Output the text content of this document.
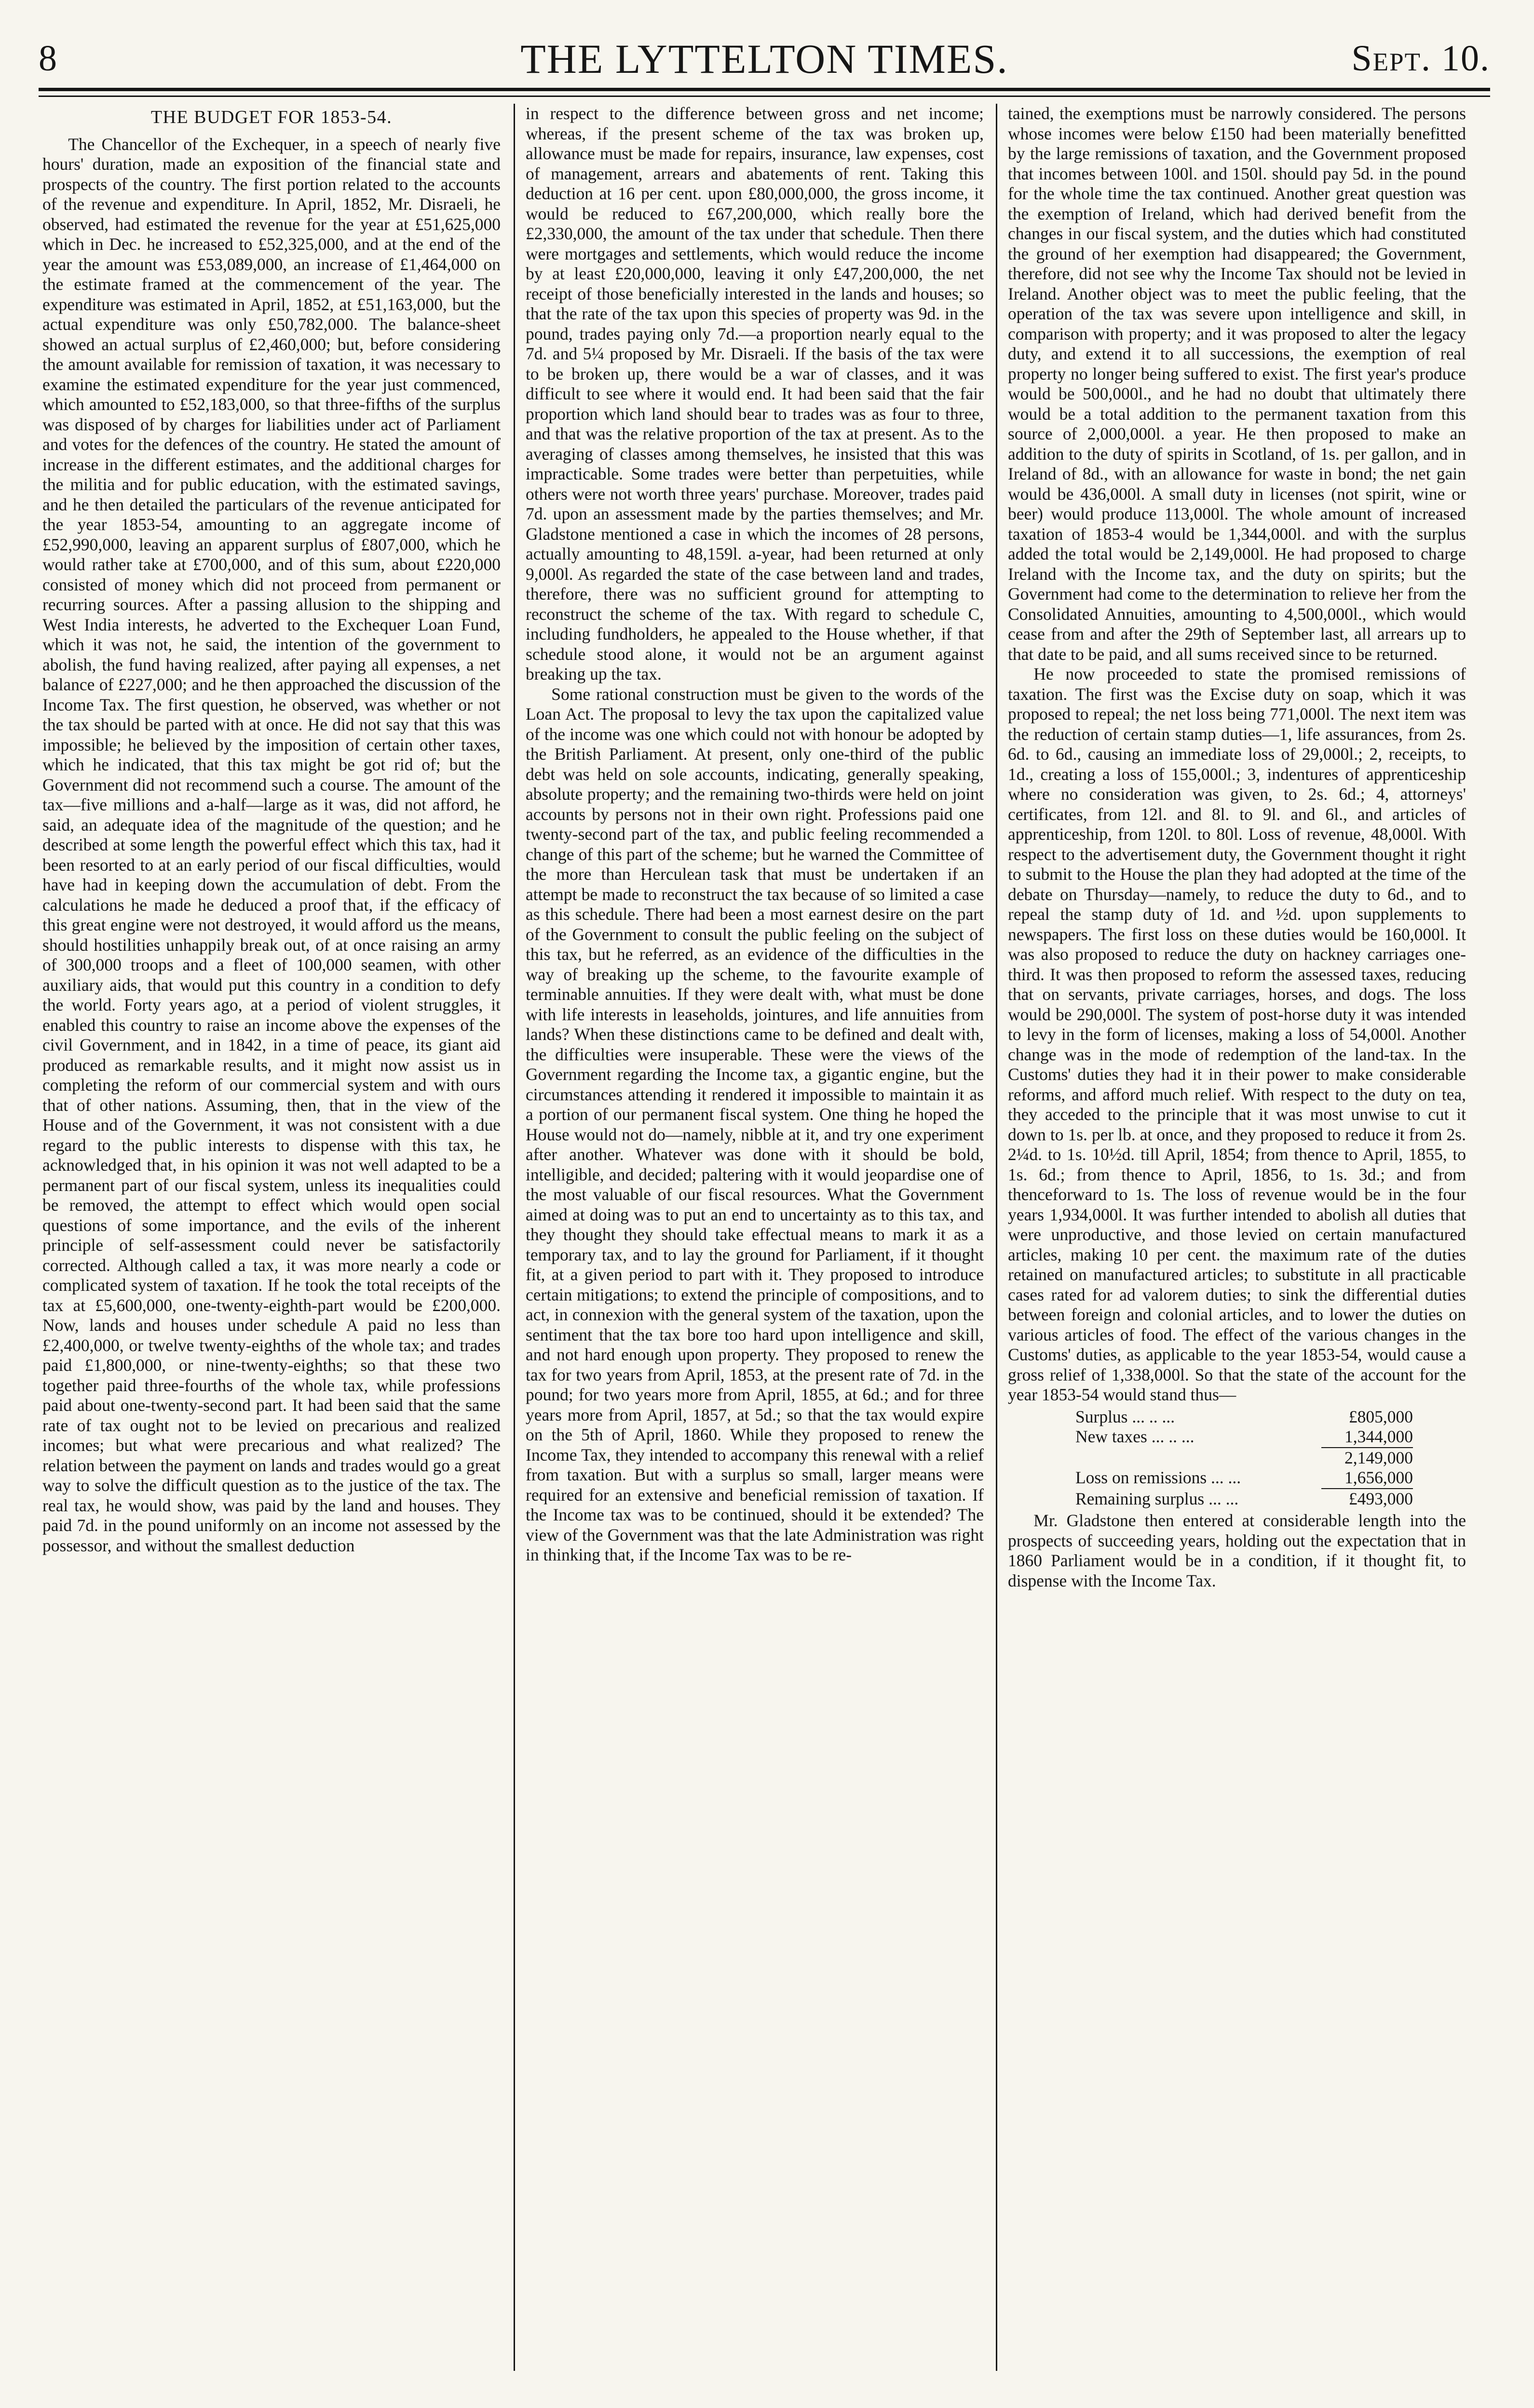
8	THE LYTTELTON TIMES.	Sept. 10.
THE BUDGET FOR 1853-54.

The Chancellor of the Exchequer, in a speech of nearly five hours' duration, made an exposition of the financial state and prospects of the country. The first portion related to the accounts of the revenue and expenditure. In April, 1852, Mr. Disraeli, he observed, had estimated the revenue for the year at £51,625,000 which in Dec. he increased to £52,325,000, and at the end of the year the amount was £53,089,000, an increase of £1,464,000 on the estimate framed at the commencement of the year. The expenditure was estimated in April, 1852, at £51,163,000, but the actual expenditure was only £50,782,000. The balance-sheet showed an actual surplus of £2,460,000; but, before considering the amount available for remission of taxation, it was necessary to examine the estimated expenditure for the year just commenced, which amounted to £52,183,000, so that three-fifths of the surplus was disposed of by charges for liabilities under act of Parliament and votes for the defences of the country. He stated the amount of increase in the different estimates, and the additional charges for the militia and for public education, with the estimated savings, and he then detailed the particulars of the revenue anticipated for the year 1853-54, amounting to an aggregate income of £52,990,000, leaving an apparent surplus of £807,000, which he would rather take at £700,000, and of this sum, about £220,000 consisted of money which did not proceed from permanent or recurring sources. After a passing allusion to the shipping and West India interests, he adverted to the Exchequer Loan Fund, which it was not, he said, the intention of the government to abolish, the fund having realized, after paying all expenses, a net balance of £227,000; and he then approached the discussion of the Income Tax. The first question, he observed, was whether or not the tax should be parted with at once. He did not say that this was impossible; he believed by the imposition of certain other taxes, which he indicated, that this tax might be got rid of; but the Government did not recommend such a course. The amount of the tax—five millions and a-half—large as it was, did not afford, he said, an adequate idea of the magnitude of the question; and he described at some length the powerful effect which this tax, had it been resorted to at an early period of our fiscal difficulties, would have had in keeping down the accumulation of debt. From the calculations he made he deduced a proof that, if the efficacy of this great engine were not destroyed, it would afford us the means, should hostilities unhappily break out, of at once raising an army of 300,000 troops and a fleet of 100,000 seamen, with other auxiliary aids, that would put this country in a condition to defy the world. Forty years ago, at a period of violent struggles, it enabled this country to raise an income above the expenses of the civil Government, and in 1842, in a time of peace, its giant aid produced as remarkable results, and it might now assist us in completing the reform of our commercial system and with ours that of other nations. Assuming, then, that in the view of the House and of the Government, it was not consistent with a due regard to the public interests to dispense with this tax, he acknowledged that, in his opinion it was not well adapted to be a permanent part of our fiscal system, unless its inequalities could be removed, the attempt to effect which would open social questions of some importance, and the evils of the inherent principle of self-assessment could never be satisfactorily corrected. Although called a tax, it was more nearly a code or complicated system of taxation. If he took the total receipts of the tax at £5,600,000, one-twenty-eighth-part would be £200,000. Now, lands and houses under schedule A paid no less than £2,400,000, or twelve twenty-eighths of the whole tax; and trades paid £1,800,000, or nine-twenty-eighths; so that these two together paid three-fourths of the whole tax, while professions paid about one-twenty-second part. It had been said that the same rate of tax ought not to be levied on precarious and realized incomes; but what were precarious and what realized? The relation between the payment on lands and trades would go a great way to solve the difficult question as to the justice of the tax. The real tax, he would show, was paid by the land and houses. They paid 7d. in the pound uniformly on an income not assessed by the possessor, and without the smallest deduction

in respect to the difference between gross and net income; whereas, if the present scheme of the tax was broken up, allowance must be made for repairs, insurance, law expenses, cost of management, arrears and abatements of rent. Taking this deduction at 16 per cent. upon £80,000,000, the gross income, it would be reduced to £67,200,000, which really bore the £2,330,000, the amount of the tax under that schedule. Then there were mortgages and settlements, which would reduce the income by at least £20,000,000, leaving it only £47,200,000, the net receipt of those beneficially interested in the lands and houses; so that the rate of the tax upon this species of property was 9d. in the pound, trades paying only 7d.—a proportion nearly equal to the 7d. and 5¼ proposed by Mr. Disraeli. If the basis of the tax were to be broken up, there would be a war of classes, and it was difficult to see where it would end. It had been said that the fair proportion which land should bear to trades was as four to three, and that was the relative proportion of the tax at present. As to the averaging of classes among themselves, he insisted that this was impracticable. Some trades were better than perpetuities, while others were not worth three years' purchase. Moreover, trades paid 7d. upon an assessment made by the parties themselves; and Mr. Gladstone mentioned a case in which the incomes of 28 persons, actually amounting to 48,159l. a-year, had been returned at only 9,000l. As regarded the state of the case between land and trades, therefore, there was no sufficient ground for attempting to reconstruct the scheme of the tax. With regard to schedule C, including fundholders, he appealed to the House whether, if that schedule stood alone, it would not be an argument against breaking up the tax.

Some rational construction must be given to the words of the Loan Act. The proposal to levy the tax upon the capitalized value of the income was one which could not with honour be adopted by the British Parliament. At present, only one-third of the public debt was held on sole accounts, indicating, generally speaking, absolute property; and the remaining two-thirds were held on joint accounts by persons not in their own right. Professions paid one twenty-second part of the tax, and public feeling recommended a change of this part of the scheme; but he warned the Committee of the more than Herculean task that must be undertaken if an attempt be made to reconstruct the tax because of so limited a case as this schedule. There had been a most earnest desire on the part of the Government to consult the public feeling on the subject of this tax, but he referred, as an evidence of the difficulties in the way of breaking up the scheme, to the favourite example of terminable annuities. If they were dealt with, what must be done with life interests in leaseholds, jointures, and life annuities from lands? When these distinctions came to be defined and dealt with, the difficulties were insuperable. These were the views of the Government regarding the Income tax, a gigantic engine, but the circumstances attending it rendered it impossible to maintain it as a portion of our permanent fiscal system. One thing he hoped the House would not do—namely, nibble at it, and try one experiment after another. Whatever was done with it should be bold, intelligible, and decided; paltering with it would jeopardise one of the most valuable of our fiscal resources. What the Government aimed at doing was to put an end to uncertainty as to this tax, and they thought they should take effectual means to mark it as a temporary tax, and to lay the ground for Parliament, if it thought fit, at a given period to part with it. They proposed to introduce certain mitigations; to extend the principle of compositions, and to act, in connexion with the general system of the taxation, upon the sentiment that the tax bore too hard upon intelligence and skill, and not hard enough upon property. They proposed to renew the tax for two years from April, 1853, at the present rate of 7d. in the pound; for two years more from April, 1855, at 6d.; and for three years more from April, 1857, at 5d.; so that the tax would expire on the 5th of April, 1860. While they proposed to renew the Income Tax, they intended to accompany this renewal with a relief from taxation. But with a surplus so small, larger means were required for an extensive and beneficial remission of taxation. If the Income tax was to be continued, should it be extended? The view of the Government was that the late Administration was right in thinking that, if the Income Tax was to be re-

tained, the exemptions must be narrowly considered. The persons whose incomes were below £150 had been materially benefitted by the large remissions of taxation, and the Government proposed that incomes between 100l. and 150l. should pay 5d. in the pound for the whole time the tax continued. Another great question was the exemption of Ireland, which had derived benefit from the changes in our fiscal system, and the duties which had constituted the ground of her exemption had disappeared; the Government, therefore, did not see why the Income Tax should not be levied in Ireland. Another object was to meet the public feeling, that the operation of the tax was severe upon intelligence and skill, in comparison with property; and it was proposed to alter the legacy duty, and extend it to all successions, the exemption of real property no longer being suffered to exist. The first year's produce would be 500,000l., and he had no doubt that ultimately there would be a total addition to the permanent taxation from this source of 2,000,000l. a year. He then proposed to make an addition to the duty of spirits in Scotland, of 1s. per gallon, and in Ireland of 8d., with an allowance for waste in bond; the net gain would be 436,000l. A small duty in licenses (not spirit, wine or beer) would produce 113,000l. The whole amount of increased taxation of 1853-4 would be 1,344,000l. and with the surplus added the total would be 2,149,000l. He had proposed to charge Ireland with the Income tax, and the duty on spirits; but the Government had come to the determination to relieve her from the Consolidated Annuities, amounting to 4,500,000l., which would cease from and after the 29th of September last, all arrears up to that date to be paid, and all sums received since to be returned.

He now proceeded to state the promised remissions of taxation. The first was the Excise duty on soap, which it was proposed to repeal; the net loss being 771,000l. The next item was the reduction of certain stamp duties—1, life assurances, from 2s. 6d. to 6d., causing an immediate loss of 29,000l.; 2, receipts, to 1d., creating a loss of 155,000l.; 3, indentures of apprenticeship where no consideration was given, to 2s. 6d.; 4, attorneys' certificates, from 12l. and 8l. to 9l. and 6l., and articles of apprenticeship, from 120l. to 80l. Loss of revenue, 48,000l. With respect to the advertisement duty, the Government thought it right to submit to the House the plan they had adopted at the time of the debate on Thursday—namely, to reduce the duty to 6d., and to repeal the stamp duty of 1d. and ½d. upon supplements to newspapers. The first loss on these duties would be 160,000l. It was also proposed to reduce the duty on hackney carriages one-third. It was then proposed to reform the assessed taxes, reducing that on servants, private carriages, horses, and dogs. The loss would be 290,000l. The system of post-horse duty it was intended to levy in the form of licenses, making a loss of 54,000l. Another change was in the mode of redemption of the land-tax. In the Customs' duties they had it in their power to make considerable reforms, and afford much relief. With respect to the duty on tea, they acceded to the principle that it was most unwise to cut it down to 1s. per lb. at once, and they proposed to reduce it from 2s. 2¼d. to 1s. 10½d. till April, 1854; from thence to April, 1855, to 1s. 6d.; from thence to April, 1856, to 1s. 3d.; and from thenceforward to 1s. The loss of revenue would be in the four years 1,934,000l. It was further intended to abolish all duties that were unproductive, and those levied on certain manufactured articles, making 10 per cent. the maximum rate of the duties retained on manufactured articles; to substitute in all practicable cases rated for ad valorem duties; to sink the differential duties between foreign and colonial articles, and to lower the duties on various articles of food. The effect of the various changes in the Customs' duties, as applicable to the year 1853-54, would cause a gross relief of 1,338,000l. So that the state of the account for the year 1853-54 would stand thus—

Surplus ... .. ...	£805,000
New taxes ... .. ...	1,344,000
2,149,000
Loss on remissions ... ...	1,656,000
Remaining surplus ... ...	£493,000

Mr. Gladstone then entered at considerable length into the prospects of succeeding years, holding out the expectation that in 1860 Parliament would be in a condition, if it thought fit, to dispense with the Income Tax.
